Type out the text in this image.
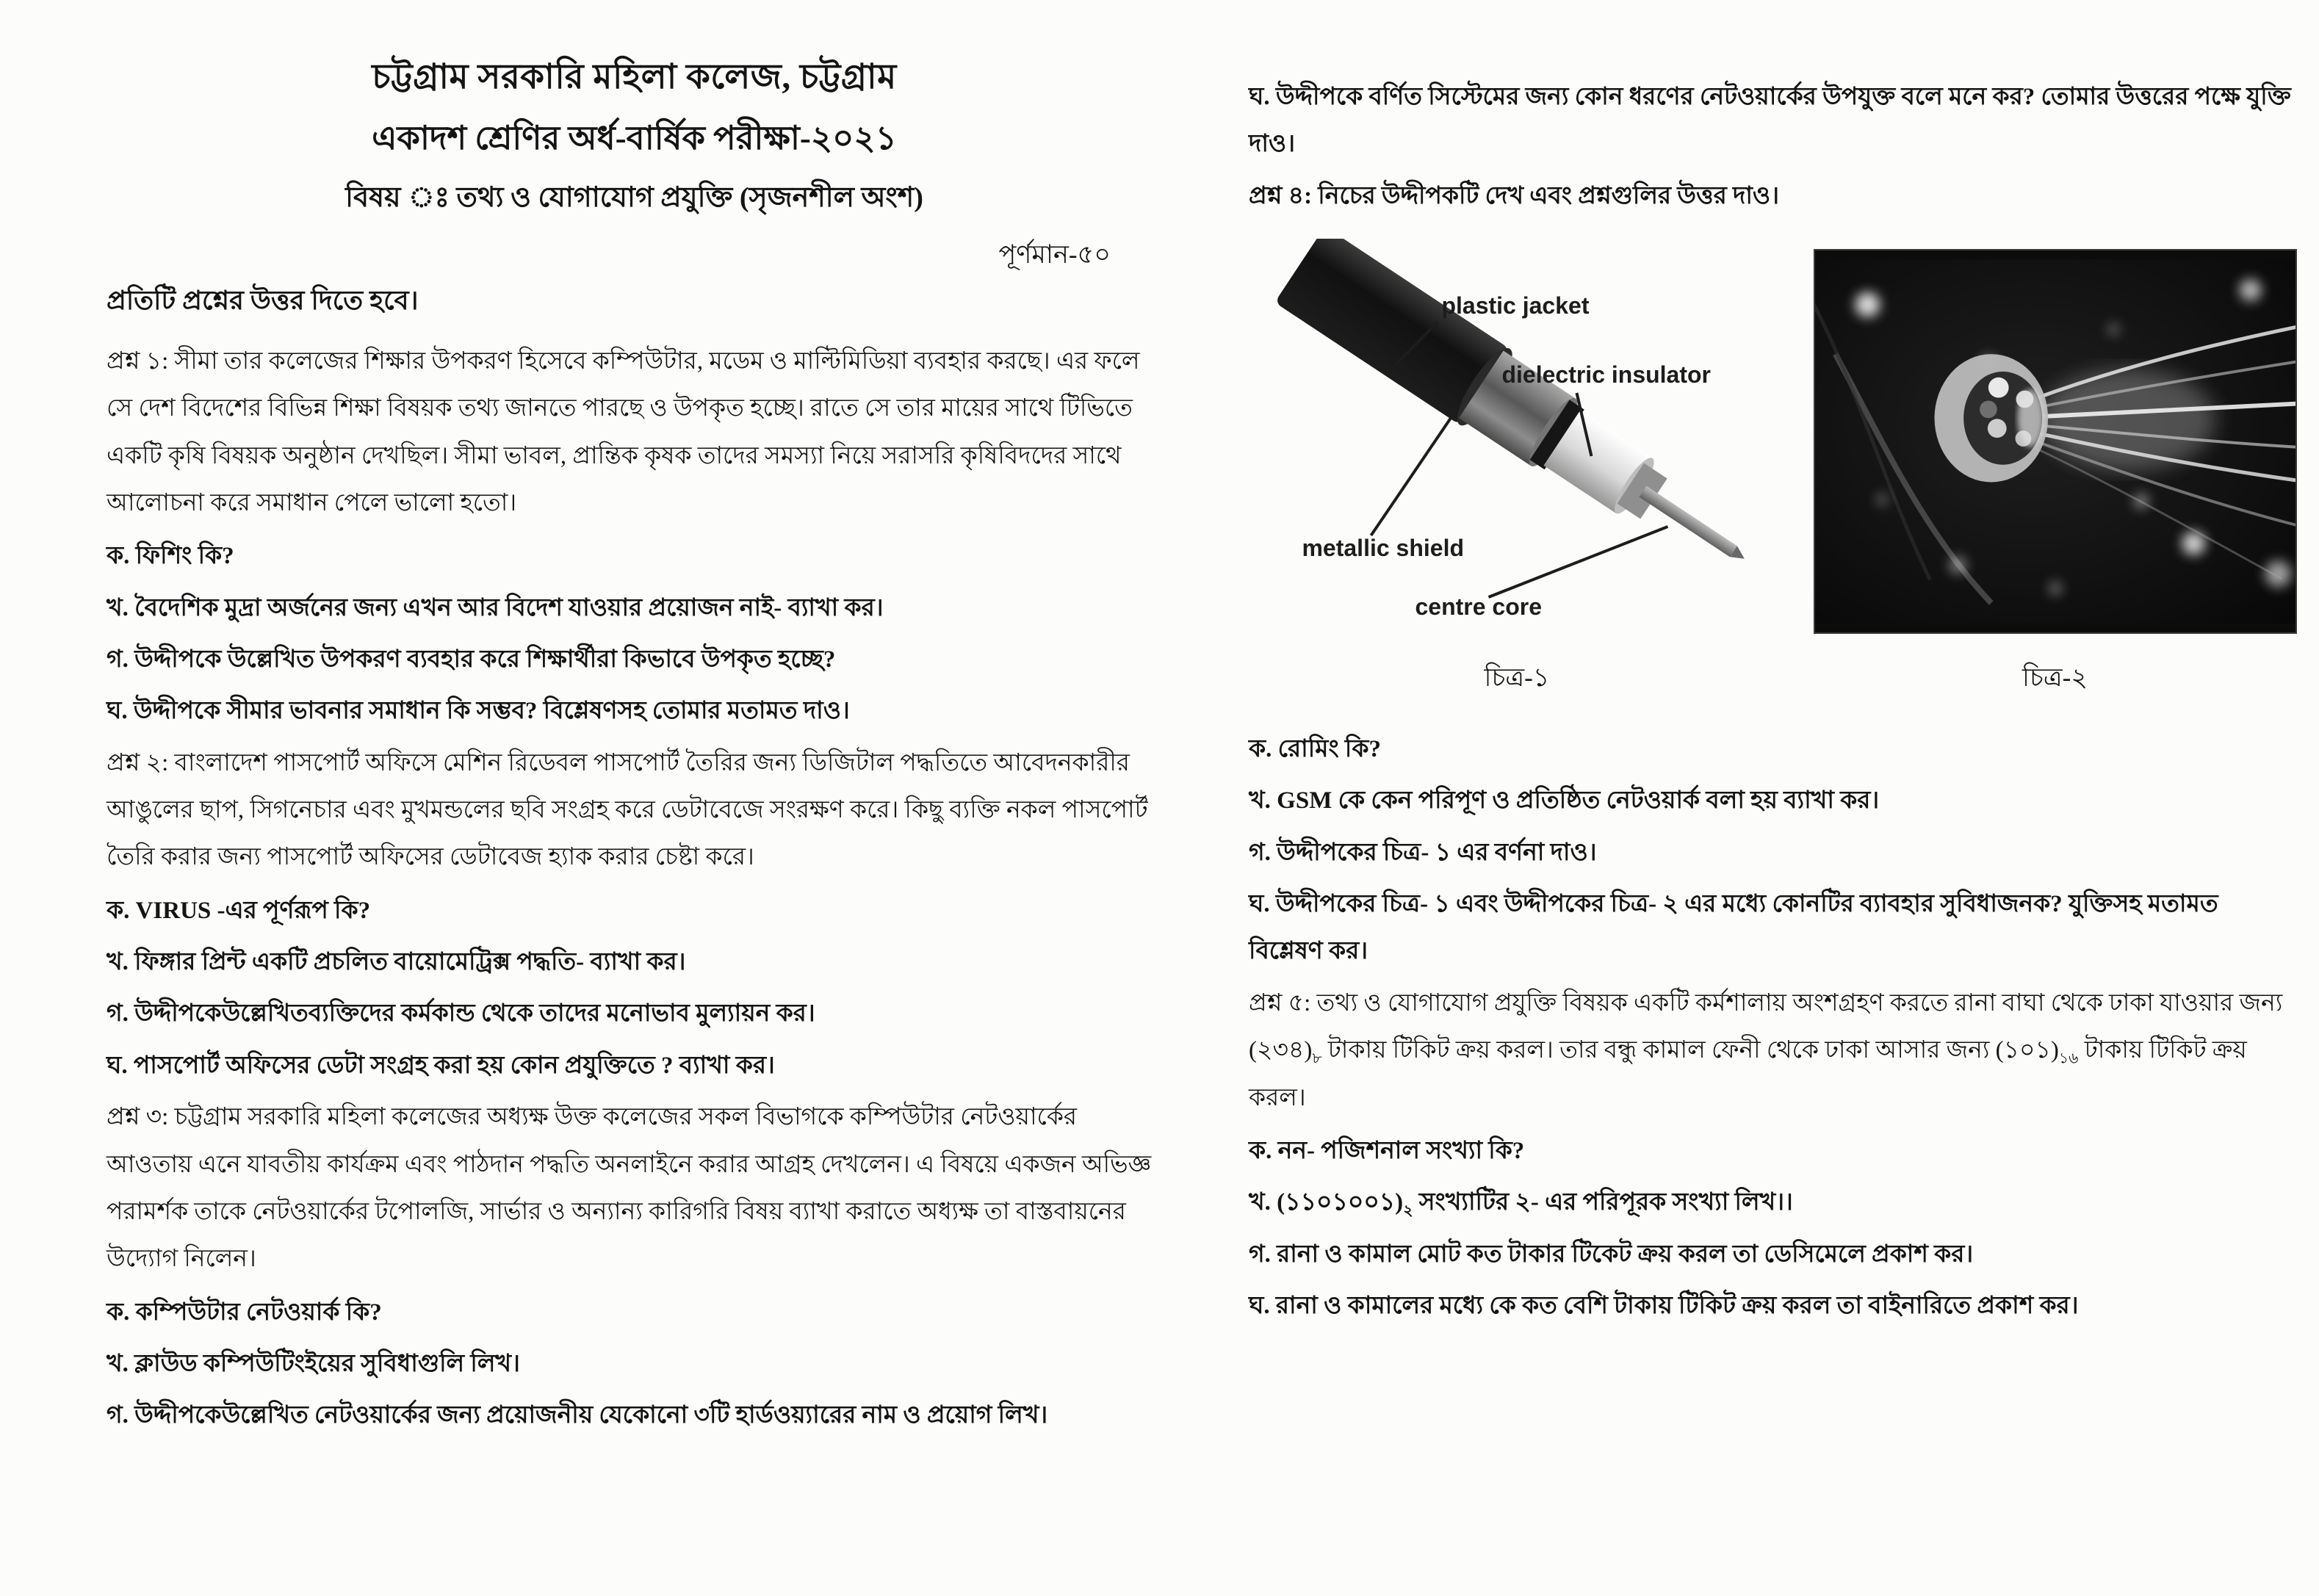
চট্টগ্রাম সরকারি মহিলা কলেজ, চট্টগ্রাম
একাদশ শ্রেণির অর্ধ-বার্ষিক পরীক্ষা-২০২১
বিষয় ঃ তথ্য ও যোগাযোগ প্রযুক্তি (সৃজনশীল অংশ)
পূর্ণমান-৫০
প্রতিটি প্রশ্নের উত্তর দিতে হবে।

প্রশ্ন ১: সীমা তার কলেজের শিক্ষার উপকরণ হিসেবে কম্পিউটার, মডেম ও মাল্টিমিডিয়া ব্যবহার করছে। এর ফলে সে দেশ বিদেশের বিভিন্ন শিক্ষা বিষয়ক তথ্য জানতে পারছে ও উপকৃত হচ্ছে। রাতে সে তার মায়ের সাথে টিভিতে একটি কৃষি বিষয়ক অনুষ্ঠান দেখছিল। সীমা ভাবল, প্রান্তিক কৃষক তাদের সমস্যা নিয়ে সরাসরি কৃষিবিদদের সাথে আলোচনা করে সমাধান পেলে ভালো হতো।

ক. ফিশিং কি?

খ. বৈদেশিক মুদ্রা অর্জনের জন্য এখন আর বিদেশ যাওয়ার প্রয়োজন নাই- ব্যাখা কর।

গ. উদ্দীপকে উল্লেখিত উপকরণ ব্যবহার করে শিক্ষার্থীরা কিভাবে উপকৃত হচ্ছে?

ঘ. উদ্দীপকে সীমার ভাবনার সমাধান কি সম্ভব? বিশ্লেষণসহ তোমার মতামত দাও।

প্রশ্ন ২: বাংলাদেশ পাসপোর্ট অফিসে মেশিন রিডেবল পাসপোর্ট তৈরির জন্য ডিজিটাল পদ্ধতিতে আবেদনকারীর আঙুলের ছাপ, সিগনেচার এবং মুখমন্ডলের ছবি সংগ্রহ করে ডেটাবেজে সংরক্ষণ করে। কিছু ব্যক্তি নকল পাসপোর্ট তৈরি করার জন্য পাসপোর্ট অফিসের ডেটাবেজ হ্যাক করার চেষ্টা করে।

ক. VIRUS -এর পূর্ণরূপ কি?

খ. ফিঙ্গার প্রিন্ট একটি প্রচলিত বায়োমেট্রিক্স পদ্ধতি- ব্যাখা কর।

গ. উদ্দীপকেউল্লেখিতব্যক্তিদের কর্মকান্ড থেকে তাদের মনোভাব মুল্যায়ন কর।

ঘ. পাসপোর্ট অফিসের ডেটা সংগ্রহ করা হয় কোন প্রযুক্তিতে ? ব্যাখা কর।

প্রশ্ন ৩: চট্টগ্রাম সরকারি মহিলা কলেজের অধ্যক্ষ উক্ত কলেজের সকল বিভাগকে কম্পিউটার নেটওয়ার্কের আওতায় এনে যাবতীয় কার্যক্রম এবং পাঠদান পদ্ধতি অনলাইনে করার আগ্রহ দেখলেন। এ বিষয়ে একজন অভিজ্ঞ পরামর্শক তাকে নেটওয়ার্কের টপোলজি, সার্ভার ও অন্যান্য কারিগরি বিষয় ব্যাখা করাতে অধ্যক্ষ তা বাস্তবায়নের উদ্যোগ নিলেন।

ক. কম্পিউটার নেটওয়ার্ক কি?

খ. ক্লাউড কম্পিউটিংইয়ের সুবিধাগুলি লিখ।

গ. উদ্দীপকেউল্লেখিত নেটওয়ার্কের জন্য প্রয়োজনীয় যেকোনো ৩টি হার্ডওয়্যারের নাম ও প্রয়োগ লিখ।

ঘ. উদ্দীপকে বর্ণিত সিস্টেমের জন্য কোন ধরণের নেটওয়ার্কের উপযুক্ত বলে মনে কর? তোমার উত্তরের পক্ষে যুক্তি দাও।

প্রশ্ন ৪: নিচের উদ্দীপকটি দেখ এবং প্রশ্নগুলির উত্তর দাও।

plastic jacket
dielectric insulator
metallic shield
centre core
চিত্র-১	চিত্র-২

ক. রোমিং কি?

খ. GSM কে কেন পরিপূণ ও প্রতিষ্ঠিত নেটওয়ার্ক বলা হয় ব্যাখা কর।

গ. উদ্দীপকের চিত্র- ১ এর বর্ণনা দাও।

ঘ. উদ্দীপকের চিত্র- ১ এবং উদ্দীপকের চিত্র- ২ এর মধ্যে কোনটির ব্যাবহার সুবিধাজনক? যুক্তিসহ মতামত বিশ্লেষণ কর।

প্রশ্ন ৫: তথ্য ও যোগাযোগ প্রযুক্তি বিষয়ক একটি কর্মশালায় অংশগ্রহণ করতে রানা বাঘা থেকে ঢাকা যাওয়ার জন্য $(২৩৪)_৮$ টাকায় টিকিট ক্রয় করল। তার বন্ধু কামাল ফেনী থেকে ঢাকা আসার জন্য $(১০১)_{১৬}$ টাকায় টিকিট ক্রয় করল।

ক. নন- পজিশনাল সংখ্যা কি?

খ. $(১১০১০০১)_২$ সংখ্যাটির ২- এর পরিপূরক সংখ্যা লিখ।।

গ. রানা ও কামাল মোট কত টাকার টিকেট ক্রয় করল তা ডেসিমেলে প্রকাশ কর।

ঘ. রানা ও কামালের মধ্যে কে কত বেশি টাকায় টিকিট ক্রয় করল তা বাইনারিতে প্রকাশ কর।
